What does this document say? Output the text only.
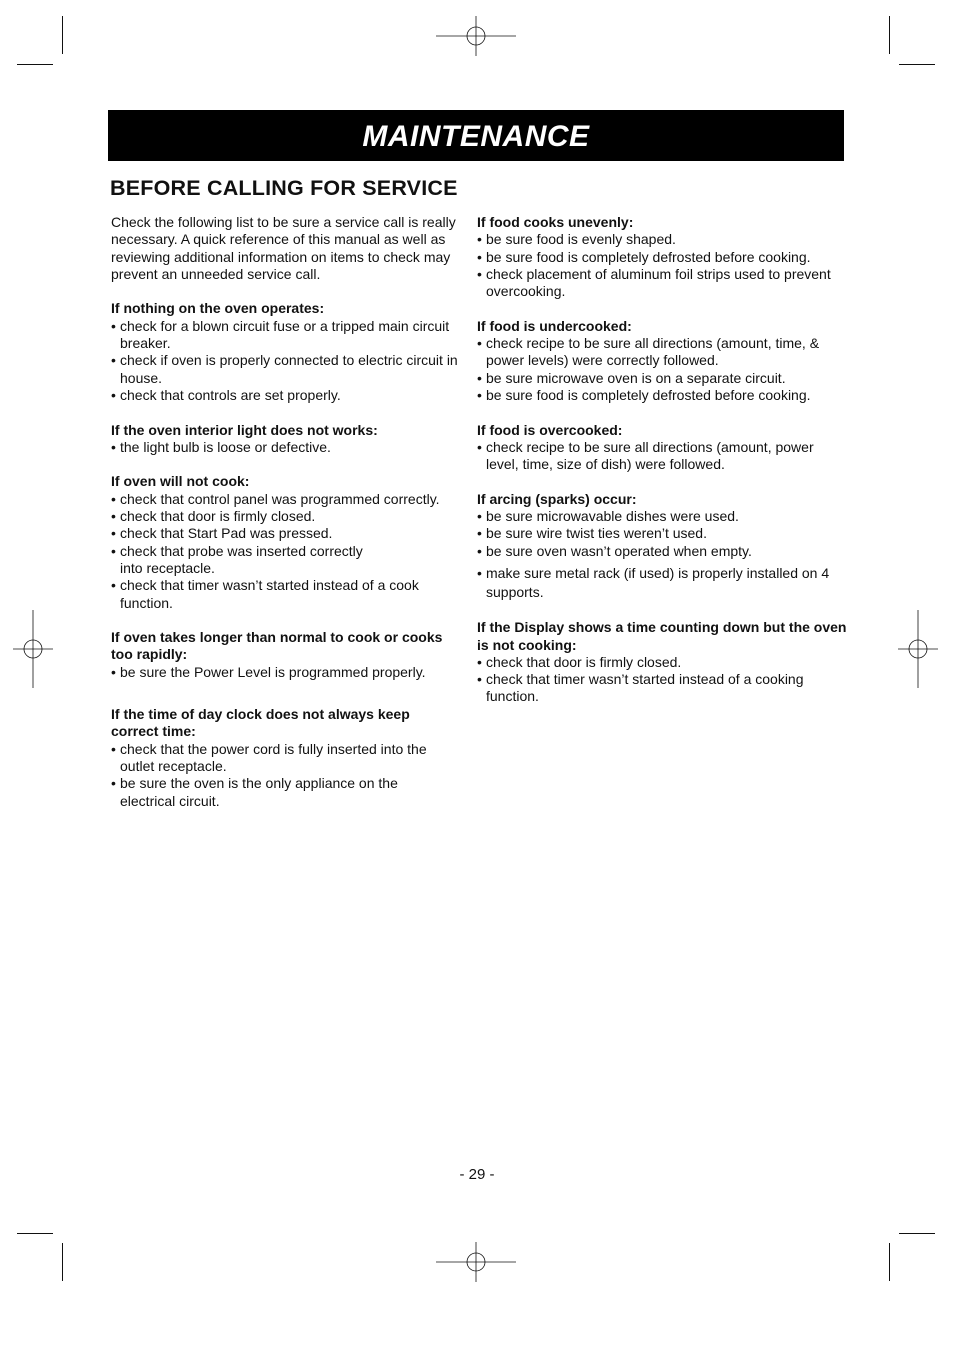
MAINTENANCE
BEFORE CALLING FOR SERVICE

Check the following list to be sure a service call is really necessary. A quick reference of this manual as well as reviewing additional information on items to check may prevent an unneeded service call.

If nothing on the oven operates:

• check for a blown circuit fuse or a tripped main circuit breaker.
• check if oven is properly connected to electric circuit in house.
• check that controls are set properly.

If the oven interior light does not works:

• the light bulb is loose or defective.

If oven will not cook:

• check that control panel was programmed correctly.
• check that door is firmly closed.
• check that Start Pad was pressed.
• check that probe was inserted correctly into receptacle.
• check that timer wasn’t started instead of a cook function.

If oven takes longer than normal to cook or cooks too rapidly:

• be sure the Power Level is programmed properly.

If the time of day clock does not always keep correct time:

• check that the power cord is fully inserted into the outlet receptacle.
• be sure the oven is the only appliance on the electrical circuit.

If food cooks unevenly:

• be sure food is evenly shaped.
• be sure food is completely defrosted before cooking.
• check placement of aluminum foil strips used to prevent overcooking.

If food is undercooked:

• check recipe to be sure all directions (amount, time, & power levels) were correctly followed.
• be sure microwave oven is on a separate circuit.
• be sure food is completely defrosted before cooking.

If food is overcooked:

• check recipe to be sure all directions (amount, power level, time, size of dish) were followed.

If arcing (sparks) occur:

• be sure microwavable dishes were used.
• be sure wire twist ties weren’t used.
• be sure oven wasn’t operated when empty.
• make sure metal rack (if used) is properly installed on 4 supports.

If the Display shows a time counting down but the oven is not cooking:

• check that door is firmly closed.
• check that timer wasn’t started instead of a cooking function.
- 29 -
